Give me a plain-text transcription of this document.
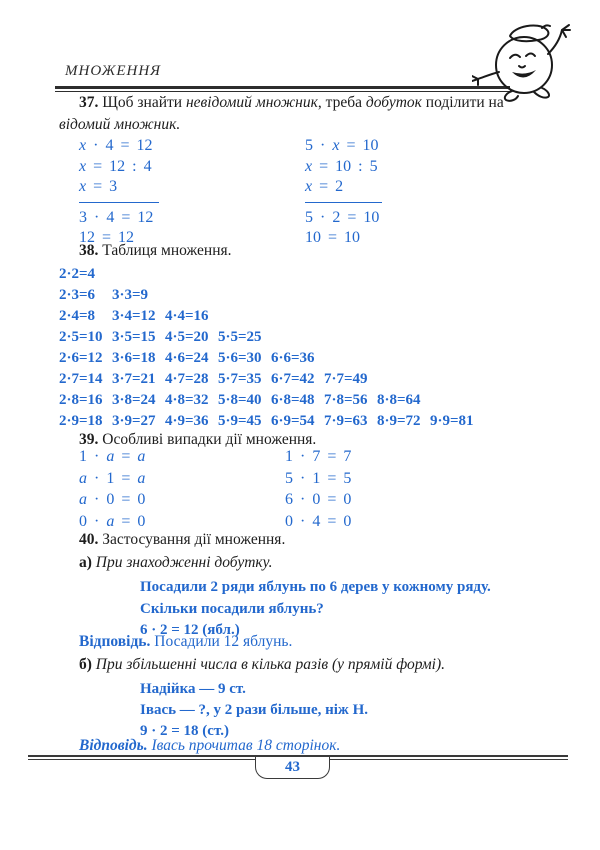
МНОЖЕННЯ
37. Щоб знайти невідомий множник, треба добуток поділити на відомий множник.
x · 4 = 12
x = 12 : 4
x = 3
3 · 4 = 12
12 = 12
5 · x = 10
x = 10 : 5
x = 2
5 · 2 = 10
10 = 10
38. Таблиця множення.
2·2=4
2·3=6	3·3=9
2·4=8	3·4=12 4·4=16
2·5=10 3·5=15 4·5=20 5·5=25
2·6=12 3·6=18 4·6=24 5·6=30 6·6=36
2·7=14 3·7=21 4·7=28 5·7=35 6·7=42 7·7=49
2·8=16 3·8=24 4·8=32 5·8=40 6·8=48 7·8=56 8·8=64
2·9=18 3·9=27 4·9=36 5·9=45 6·9=54 7·9=63 8·9=72 9·9=81
39. Особливі випадки дії множення.
1 · a = a
a · 1 = a
a · 0 = 0
0 · a = 0
1 · 7 = 7
5 · 1 = 5
6 · 0 = 0
0 · 4 = 0
40. Застосування дії множення.
а) При знаходженні добутку.
Посадили 2 ряди яблунь по 6 дерев у кожному ряду.
Скільки посадили яблунь?
6 · 2 = 12 (ябл.)
Відповідь. Посадили 12 яблунь.
б) При збільшенні числа в кілька разів (у прямій формі).
Надійка — 9 ст.
Івась — ?, у 2 рази більше, ніж Н.
9 · 2 = 18 (ст.)
Відповідь. Івась прочитав 18 сторінок.
43
